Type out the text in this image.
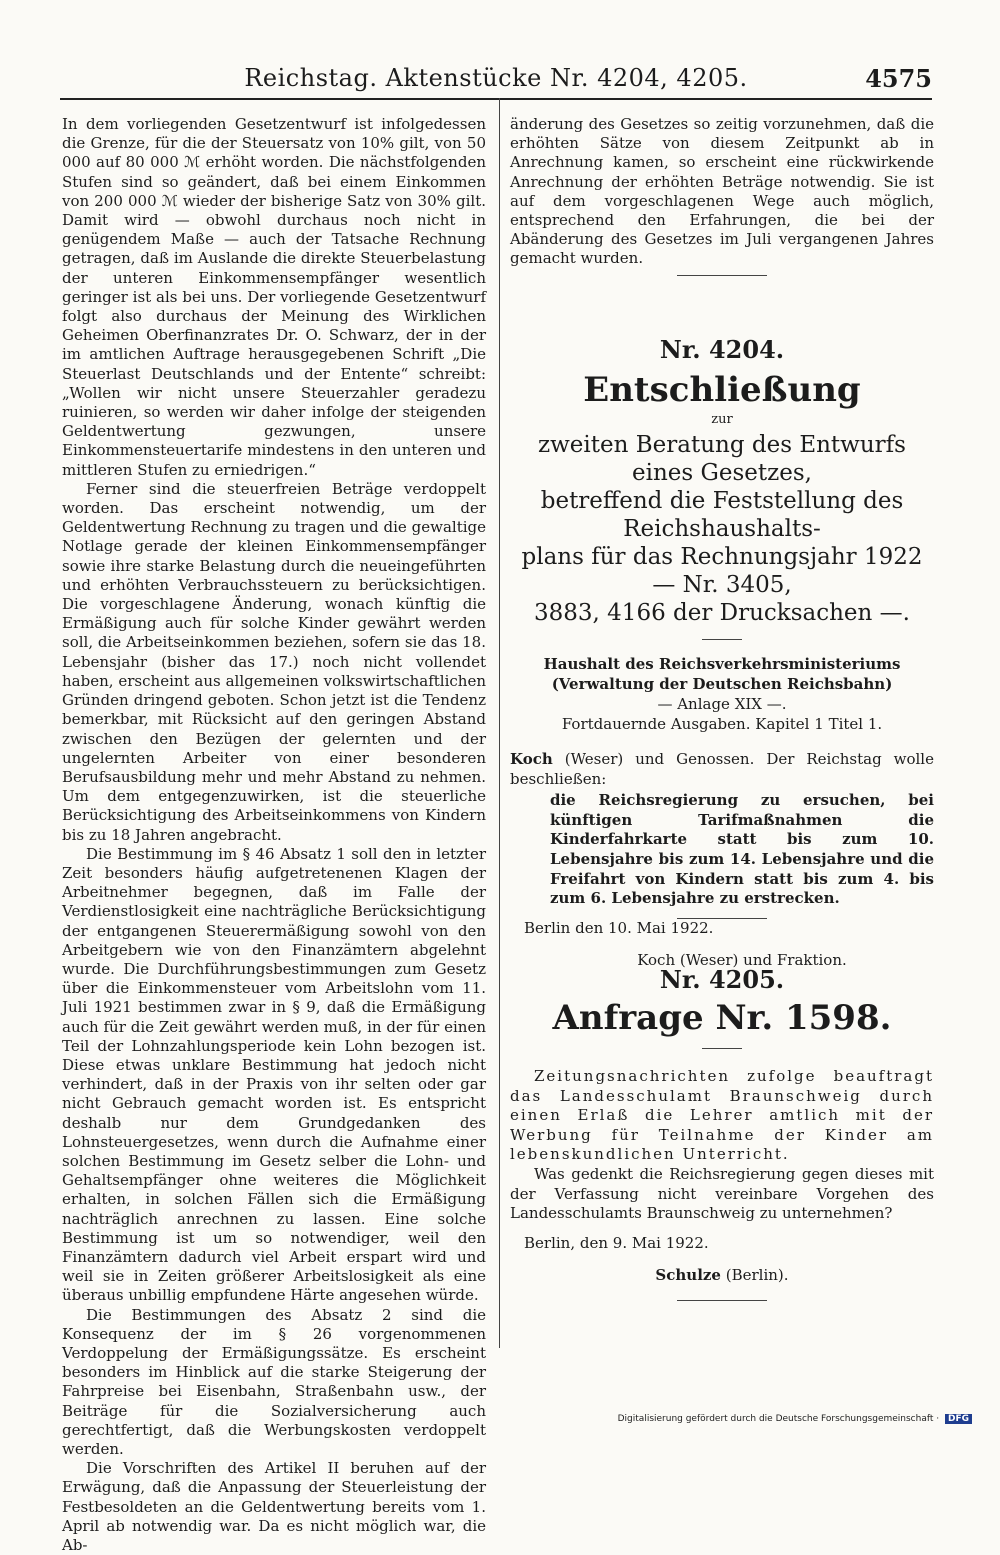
Reichstag. Aktenstücke Nr. 4204, 4205.	4575

In dem vorliegenden Gesetzentwurf ist infolgedessen die Grenze, für die der Steuersatz von 10% gilt, von 50 000 auf 80 000 ℳ erhöht worden. Die nächstfolgenden Stufen sind so geändert, daß bei einem Einkommen von 200 000 ℳ wieder der bisherige Satz von 30% gilt. Damit wird — obwohl durchaus noch nicht in genügendem Maße — auch der Tatsache Rechnung getragen, daß im Auslande die direkte Steuerbelastung der unteren Einkommensempfänger wesentlich geringer ist als bei uns. Der vorliegende Gesetzentwurf folgt also durchaus der Meinung des Wirklichen Geheimen Oberfinanzrates Dr. O. Schwarz, der in der im amtlichen Auftrage herausgegebenen Schrift „Die Steuerlast Deutschlands und der Entente“ schreibt: „Wollen wir nicht unsere Steuerzahler geradezu ruinieren, so werden wir daher infolge der steigenden Geldentwertung gezwungen, unsere Einkommensteuertarife mindestens in den unteren und mittleren Stufen zu erniedrigen.“

Ferner sind die steuerfreien Beträge verdoppelt worden. Das erscheint notwendig, um der Geldentwertung Rechnung zu tragen und die gewaltige Notlage gerade der kleinen Einkommensempfänger sowie ihre starke Belastung durch die neueingeführten und erhöhten Verbrauchssteuern zu berücksichtigen. Die vorgeschlagene Änderung, wonach künftig die Ermäßigung auch für solche Kinder gewährt werden soll, die Arbeitseinkommen beziehen, sofern sie das 18. Lebensjahr (bisher das 17.) noch nicht vollendet haben, erscheint aus allgemeinen volkswirtschaftlichen Gründen dringend geboten. Schon jetzt ist die Tendenz bemerkbar, mit Rücksicht auf den geringen Abstand zwischen den Bezügen der gelernten und der ungelernten Arbeiter von einer besonderen Berufsausbildung mehr und mehr Abstand zu nehmen. Um dem entgegenzuwirken, ist die steuerliche Berücksichtigung des Arbeitseinkommens von Kindern bis zu 18 Jahren angebracht.

Die Bestimmung im § 46 Absatz 1 soll den in letzter Zeit besonders häufig aufgetretenenen Klagen der Arbeitnehmer begegnen, daß im Falle der Verdienstlosigkeit eine nachträgliche Berücksichtigung der entgangenen Steuerermäßigung sowohl von den Arbeitgebern wie von den Finanzämtern abgelehnt wurde. Die Durchführungsbestimmungen zum Gesetz über die Einkommensteuer vom Arbeitslohn vom 11. Juli 1921 bestimmen zwar in § 9, daß die Ermäßigung auch für die Zeit gewährt werden muß, in der für einen Teil der Lohnzahlungsperiode kein Lohn bezogen ist. Diese etwas unklare Bestimmung hat jedoch nicht verhindert, daß in der Praxis von ihr selten oder gar nicht Gebrauch gemacht worden ist. Es entspricht deshalb nur dem Grundgedanken des Lohnsteuergesetzes, wenn durch die Aufnahme einer solchen Bestimmung im Gesetz selber die Lohn- und Gehaltsempfänger ohne weiteres die Möglichkeit erhalten, in solchen Fällen sich die Ermäßigung nachträglich anrechnen zu lassen. Eine solche Bestimmung ist um so notwendiger, weil den Finanzämtern dadurch viel Arbeit erspart wird und weil sie in Zeiten größerer Arbeitslosigkeit als eine überaus unbillig empfundene Härte angesehen würde.

Die Bestimmungen des Absatz 2 sind die Konsequenz der im § 26 vorgenommenen Verdoppelung der Ermäßigungssätze. Es erscheint besonders im Hinblick auf die starke Steigerung der Fahrpreise bei Eisenbahn, Straßenbahn usw., der Beiträge für die Sozialversicherung auch gerechtfertigt, daß die Werbungskosten verdoppelt werden.

Die Vorschriften des Artikel II beruhen auf der Erwägung, daß die Anpassung der Steuerleistung der Festbesoldeten an die Geldentwertung bereits vom 1. April ab notwendig war. Da es nicht möglich war, die Ab-

änderung des Gesetzes so zeitig vorzunehmen, daß die erhöhten Sätze von diesem Zeitpunkt ab in Anrechnung kamen, so erscheint eine rückwirkende Anrechnung der erhöhten Beträge notwendig. Sie ist auf dem vorgeschlagenen Wege auch möglich, entsprechend den Erfahrungen, die bei der Abänderung des Gesetzes im Juli vergangenen Jahres gemacht wurden.

Nr. 4204.
Entschließung
zur
zweiten Beratung des Entwurfs eines Gesetzes,
betreffend die Feststellung des Reichshaushalts-
plans für das Rechnungsjahr 1922 — Nr. 3405,
3883, 4166 der Drucksachen —.
Haushalt des Reichsverkehrsministeriums
(Verwaltung der Deutschen Reichsbahn)
— Anlage XIX —.
Fortdauernde Ausgaben. Kapitel 1 Titel 1.
Koch (Weser) und Genossen. Der Reichstag wolle beschließen:
die Reichsregierung zu ersuchen, bei künftigen Tarifmaßnahmen die Kinderfahrkarte statt bis zum 10. Lebensjahre bis zum 14. Lebensjahre und die Freifahrt von Kindern statt bis zum 4. bis zum 6. Lebensjahre zu erstrecken.
Berlin den 10. Mai 1922.
Koch (Weser) und Fraktion.
Nr. 4205.
Anfrage Nr. 1598.
Zeitungsnachrichten zufolge beauftragt das Landesschulamt Braunschweig durch einen Erlaß die Lehrer amtlich mit der Werbung für Teilnahme der Kinder am lebenskundlichen Unterricht.
Was gedenkt die Reichsregierung gegen dieses mit der Verfassung nicht vereinbare Vorgehen des Landesschulamts Braunschweig zu unternehmen?
Berlin, den 9. Mai 1922.
Schulze (Berlin).
Digitalisierung gefördert durch die Deutsche Forschungsgemeinschaft · DFG
